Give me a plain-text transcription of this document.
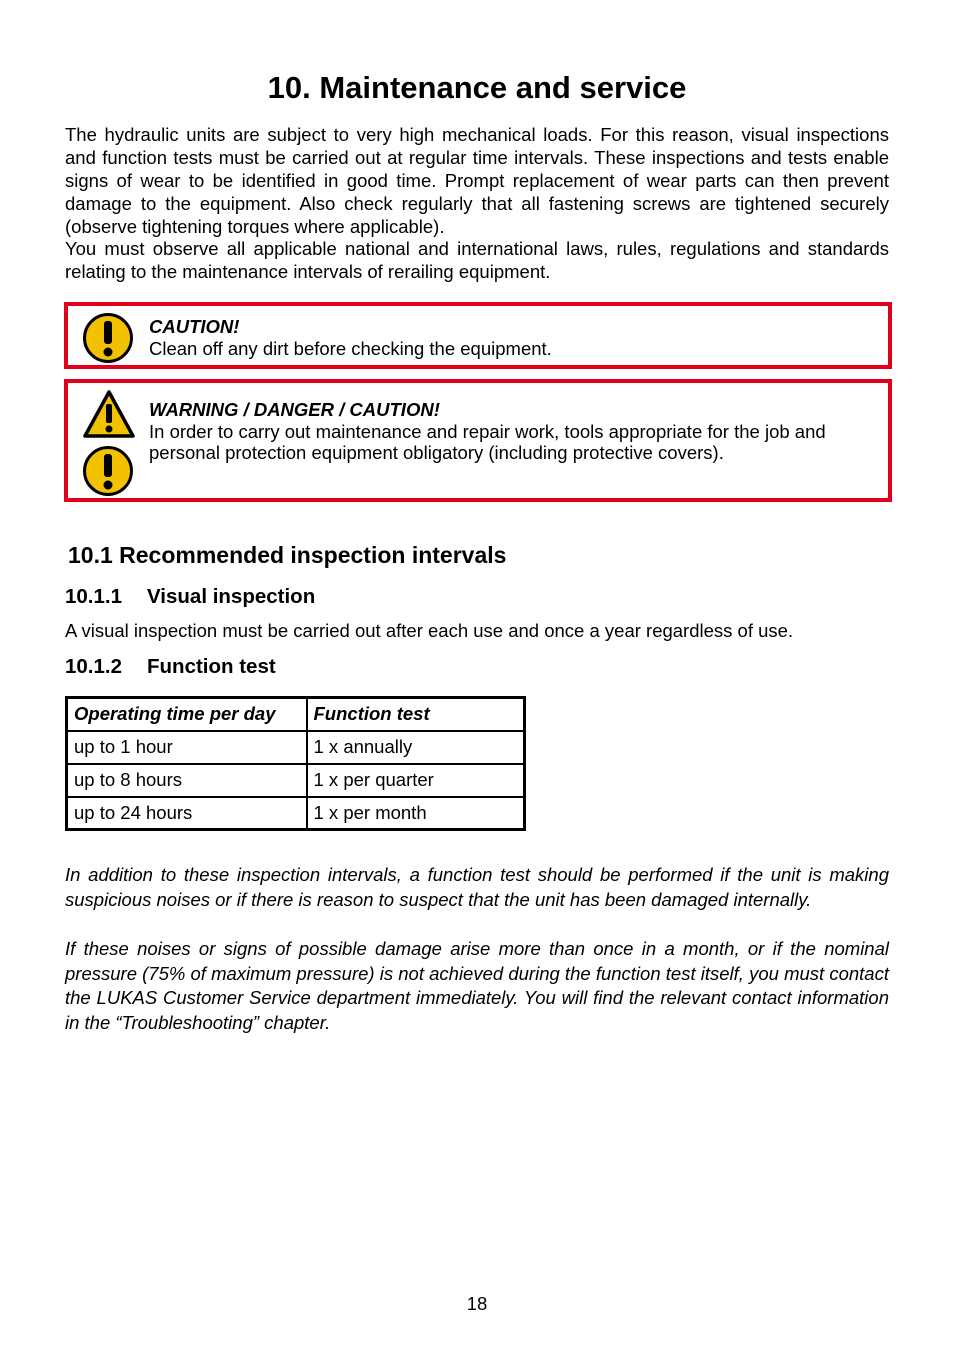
10. Maintenance and service

The hydraulic units are subject to very high mechanical loads. For this reason, visual inspections and function tests must be carried out at regular time intervals. These inspections and tests enable signs of wear to be identified in good time. Prompt replacement of wear parts can then prevent damage to the equipment. Also check regularly that all fastening screws are tightened securely (observe tightening torques where applicable).

You must observe all applicable national and international laws, rules, regulations and standards relating to the maintenance intervals of rerailing equipment.

CAUTION!
Clean off any dirt before checking the equipment.
WARNING / DANGER / CAUTION!
In order to carry out maintenance and repair work, tools appropriate for the job and personal protection equipment obligatory (including protective covers).
10.1 Recommended inspection intervals
10.1.1 Visual inspection

A visual inspection must be carried out after each use and once a year regardless of use.

10.1.2 Function test
Operating time per day	Function test
up to 1 hour	1 x annually
up to 8 hours	1 x per quarter
up to 24 hours	1 x per month

In addition to these inspection intervals, a function test should be performed if the unit is making suspicious noises or if there is reason to suspect that the unit has been damaged internally.

If these noises or signs of possible damage arise more than once in a month, or if the nominal pressure (75% of maximum pressure) is not achieved during the function test itself, you must contact the LUKAS Customer Service department immediately. You will find the relevant contact information in the “Troubleshooting” chapter.

18
